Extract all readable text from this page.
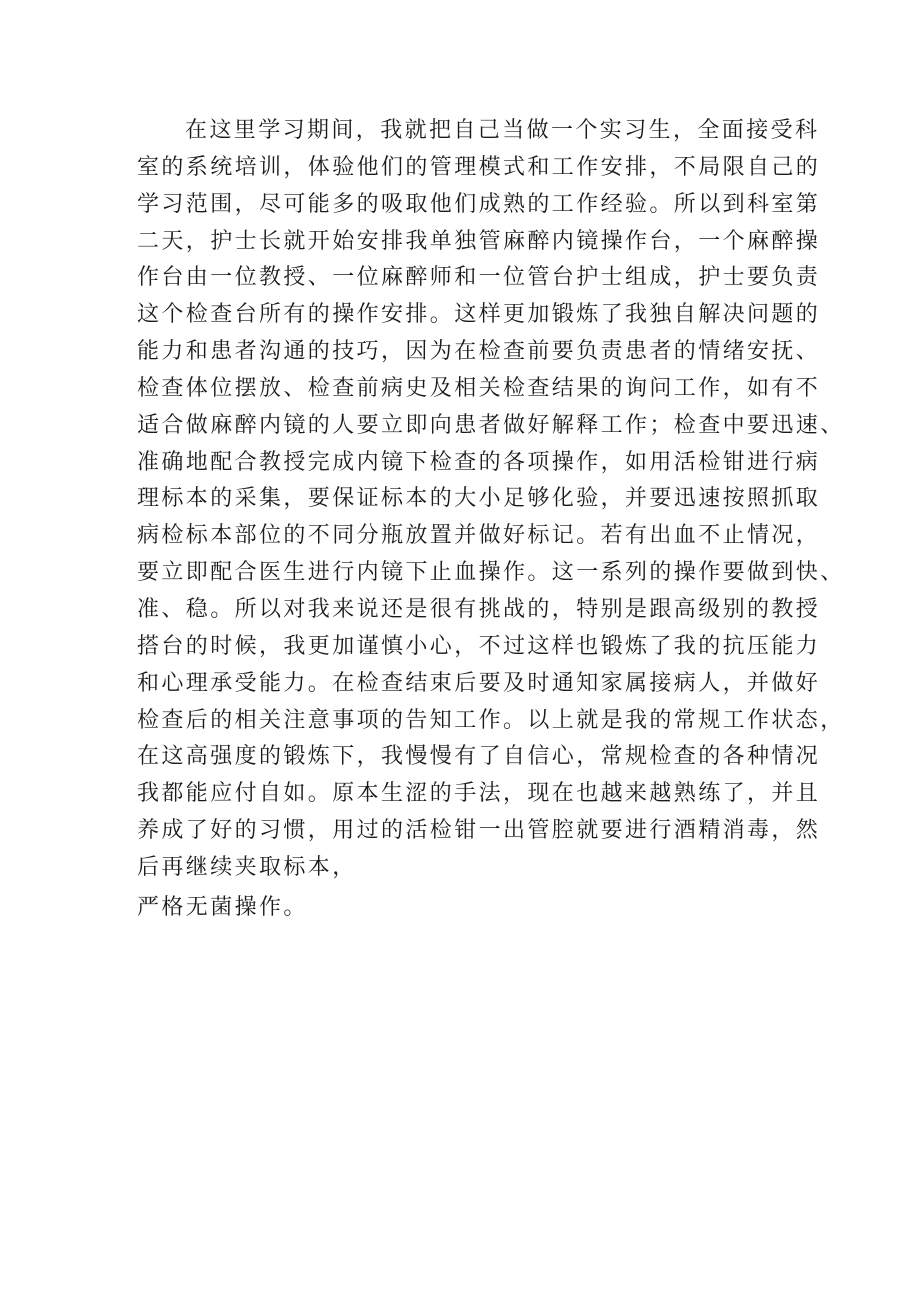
在这里学习期间，我就把自己当做一个实习生，全面接受科
室的系统培训，体验他们的管理模式和工作安排，不局限自己的
学习范围，尽可能多的吸取他们成熟的工作经验。所以到科室第
二天，护士长就开始安排我单独管麻醉内镜操作台，一个麻醉操
作台由一位教授、一位麻醉师和一位管台护士组成，护士要负责
这个检查台所有的操作安排。这样更加锻炼了我独自解决问题的
能力和患者沟通的技巧，因为在检查前要负责患者的情绪安抚、
检查体位摆放、检查前病史及相关检查结果的询问工作，如有不
适合做麻醉内镜的人要立即向患者做好解释工作；检查中要迅速、
准确地配合教授完成内镜下检查的各项操作，如用活检钳进行病
理标本的采集，要保证标本的大小足够化验，并要迅速按照抓取
病检标本部位的不同分瓶放置并做好标记。若有出血不止情况，
要立即配合医生进行内镜下止血操作。这一系列的操作要做到快、
准、稳。所以对我来说还是很有挑战的，特别是跟高级别的教授
搭台的时候，我更加谨慎小心，不过这样也锻炼了我的抗压能力
和心理承受能力。在检查结束后要及时通知家属接病人，并做好
检查后的相关注意事项的告知工作。以上就是我的常规工作状态，
在这高强度的锻炼下，我慢慢有了自信心，常规检查的各种情况
我都能应付自如。原本生涩的手法，现在也越来越熟练了，并且
养成了好的习惯，用过的活检钳一出管腔就要进行酒精消毒，然
后再继续夹取标本，
严格无菌操作。
